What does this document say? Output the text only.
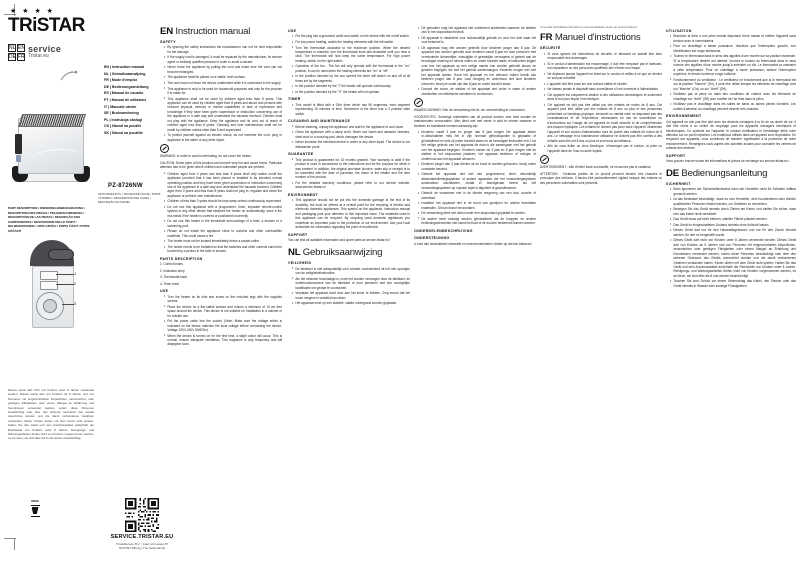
★ ★ ★ ★
TRiSTAR
NL EN
DE FR
service
Tristar.eu
EN | Instruction manual
NL | Gebruiksaanwijzing
FR | Mode d'emploi
DE | Bedienungsanleitung
ES | Manual de usuario
PT | Manual de utilizador
IT | Manuale utente
SE | Bruksanvisning
PL | Instrukcja obsługi
CS | Návod na použití
SK | Návod na použitie
PART DESCRIPTION / ONDERDELENBESCHRIJVING / DESCRIPTION DES PIÈCES / TEILEBESCHREIBUNG / DESCRIPCIÓN DE LAS PIEZAS / DESCRIÇÃO DOS COMPONENTES / DESCRIZIONE DELLE PARTI / DELBESKRIVNING / OPIS CZĘŚCI / POPIS ČÁSTÍ / POPIS SÚČASTÍ
1
2
3
PZ-8726NW
OPIS PRODUKTU / TECHNICKÉ ÚDAJE / POPIS VÝROBKU / DESCRIPCIÓN DEL PANEL / DESCRIÇÃO DO PAINEL
Dieses Gerät darf nicht von Kindern unter 8 Jahren verwendet werden. Dieses Gerät darf von Kindern ab 8 Jahren und von Personen mit eingeschränkten körperlichen, sensorischen oder geistigen Fähigkeiten oder einem Mangel an Erfahrung und Kenntnissen verwendet werden, sofern diese Personen beaufsichtigt oder über den sicheren Gebrauch des Geräts unterrichtet wurden und die damit verbundenen Gefahren verstanden haben. Kinder dürfen mit dem Gerät nicht spielen. Halten Sie das Gerät und sein Anschlusskabel außerhalb der Reichweite von Kindern unter 8 Jahren. Reinigungs- und Wartungsarbeiten dürfen nicht von Kindern vorgenommen werden, es sei denn, sie sind älter als 8 und werden beaufsichtigt.
EN Instruction manual
SAFETY
• By ignoring the safety instructions the manufacturer can not be hold responsible for the damage.
• If the supply cord is damaged, it must be replaced by the manufacturer, its service agent or similarly qualified persons in order to avoid a hazard.
• Never move the appliance by pulling the cord and make sure the cord can not become entangled.
• The appliance must be placed on a stable, level surface.
• The user must not leave the device unattended while it is connected to the supply.
• This appliance is only to be used for household purposes and only for the purpose it is made for.
• This appliance shall not be used by children aged less than 8 years. This appliance can be used by children aged from 8 years and above and persons with reduced physical, sensory or mental capabilities or lack of experience and knowledge if they have been given supervision or instruction concerning use of the appliance in a safe way and understand the hazards involved. Children shall not play with the appliance. Keep the appliance and its cord out of reach of children aged less than 8 years. Cleaning and user maintenance shall not be made by children unless older than 8 and supervised.
• To protect yourself against an electric shock, do not immerse the cord, plug or appliance in the water or any other liquid.

WARNING: In order to avoid overheating, do not cover the heater.

CAUTION: Some parts of this product can become very hot and cause burns. Particular attention has to be given where children and vulnerable people are present.

• Children aged from 3 years and less than 8 years shall only switch on/off the appliance provided that it has been placed or installed in its intended normal operating position and they have been given supervision or instruction concerning use of the appliance in a safe way and understand the hazards involved. Children aged from 3 years and less than 8 years shall not plug in, regulate and clean the appliance or perform user maintenance.
• Children of less than 3 years should be kept away unless continuously supervised.
• Do not use this appliance with a programmer, timer, separate remote-control system or any other device that switches the heater on automatically, since a fire risk exists if the heater is covered or positioned incorrectly.
• Do not use this heater in the immediate surroundings of a bath, a shower or a swimming pool.
• Please do not install the appliance close to curtains and other combustible materials. This could cause a fire.
• The heater must not be located immediately below a socket-outlet.
• The heater needs to be installed so that the switches and other controls cannot be touched by a person in the bath or shower.
PARTS DESCRIPTION

1. Control knobs

2. Indication lamp

3. Thermostat knob

4. Timer knob

USE
• Turn the heater on its side and screw on the included legs with the supplied screws.
• Place the device on a flat stable surface and ensure a minimum of 10 cm free space around the device. This device is not suitable for installation in a cabinet or for outside use.
• Put the power cable into the socket. (Note: Make sure the voltage which is indicated on the device matches the local voltage before connecting the device. Voltage 220V-240V 50/60Hz)
• When the device is turned on for the first time, a slight odour will occur. This is normal, ensure adequate ventilation. This fragrance is only temporary and will disappear soon.
USE
• Put the plug into a grounded outlet and switch on the device with the on/off switch.
• For low power heating, switch the heating elements with the left switch.
• Turn the thermostat clockwise to the maximum position. When the desired temperature is reached, turn the thermostat knob anti-clockwise until you hear a click. The thermostat will now keep the same temperature. For high power heating, switch on the right switch.
• Operation of the fan - The fan will only operate with the thermostat in the "on" position, it can be used when the heating elements are "on" or "off".
• In the position denoted by the sun symbol the timer will switch on and off at all times set by the segments.
• In the position denoted by the "I" the heater will operate continuously.
• In the position denoted by the "O" the heater will not operate.
TIMER
• This model is fitted with a 24hr timer which has 96 segments, each segment representing 15 minutes of time. Movement of the timer has a 3 position slide switch.
CLEANING AND MAINTENANCE
• Before cleaning, unplug the appliance and wait for the appliance to cool down.
• Clean the appliance with a damp cloth. Never use harsh and abrasive cleaners, steel wool or a scouring pad, which damages the device.
• Never immerse the electrical device in water or any other liquid. The device is not dishwasher proof.
GUARANTEE
• This product is guaranteed for 24 months granted. Your warranty is valid if the product is used in accordance to the instructions and for the purpose for which it was created. In addition, the original purchase (invoice, sales slip or receipt) is to be submitted with the date of purchase, the name of the retailer and the item number of the product.
• For the detailed warranty conditions, please refer to our service website: www.service.tristar.eu
ENVIRONMENT
• This appliance should not be put into the domestic garbage at the end of its durability, but must be offered at a central point for the recycling of electric and electronic domestic appliances. This symbol on the appliance, instruction manual and packaging puts your attention to this important issue. The materials used in this appliance can be recycled. By recycling used domestic appliances you contribute an important push to the protection of our environment. Ask your local authorities for information regarding the point of recollection.
SUPPORT

You can find all available information and spare parts at service.tristar.eu!

NL Gebruiksaanwijzing
VEILIGHEID
• De fabrikant is niet aansprakelijk voor schade voortvloeiend uit het niet opvolgen van de veiligheidsinstructies.
• Als het netsnoer beschadigd is, moet het worden vervangen door de fabrikant, de onderhoudsmonteur van de fabrikant of door personen met een soortgelijke kwalificatie om gevaar te voorkomen.
• Verplaats het apparaat nooit door aan het snoer te trekken. Zorg ervoor dat het snoer nergens in verstrikt kan raken.
• Het apparaat moet op een stabiele, vlakke ondergrond worden geplaatst.
• De gebruiker mag het apparaat niet onbeheerd achterlaten wanneer de stekker zich in het stopcontact bevindt.
• Dit apparaat is uitsluitend voor huishoudelijk gebruik en voor het doel waar het voor bestemd is.
• Dit apparaat mag niet worden gebruikt door kinderen jonger dan 8 jaar. Dit apparaat kan worden gebruikt door kinderen vanaf 8 jaar en door personen met verminderde lichamelijke, zintuiglijke of geestelijke vermogens of gebrek aan de benodigde ervaring en kennis indien ze onder toezicht staan of instructies krijgen over hoe het apparaat op een veilige manier kan worden gebruikt alsook de gevaren begrijpen die met het gebruik samenhangen. Kinderen mogen niet met het apparaat spelen. Houd het apparaat en het netsnoer buiten bereik van kinderen jonger dan 8 jaar. Laat reiniging en onderhoud niet door kinderen uitvoeren, tenzij ze ouder zijn dan 8 jaar en onder toezicht staan.
• Dompel het snoer, de stekker of het apparaat niet onder in water of andere vloeistoffen om elektrische schokken te voorkomen.

WAARSCHUWING: Dek de verwarming niet af, om oververhitting te voorkomen.

VOORZICHTIG: Sommige onderdelen van dit product kunnen zeer heet worden en brandwonden veroorzaken. Men dient met met name in acht te nemen wanneer er kinderen en kwetsbare mensen aanwezig zijn.

• Kinderen vanaf 3 jaar en jonger dan 8 jaar mogen het apparaat alleen in-/uitschakelen mits het in zijn normale gebruikspositie is geplaatst of geïnstalleerd en mits zij onder toezicht staan en de benodigde instructies m.b.t. tot het veilige gebruik van het apparaat de risico's die samengaan met het gebruik van het apparaat begrijpen. Kinderen tussen de 3 jaar en 8 jaar mogen niet de stekker in het stopcontact plaatsen, het apparaat bedienen of reinigen of onderhoud aan het apparaat uitvoeren.
• Kinderen jonger dan 3 jaar dienen uit de buurt te worden gehouden, tenzij onder constante toezicht.
• Gebruik het apparaat niet met een programmeur, timer, afzonderlijk afstandsbedieningssysteem of andere apparaten die het verwarmingssysteem automatisch inschakelen, omdat er brandgevaar heerst als het verwarmingssysteem op onjuiste wijze is afgedekt of gepositioneerd.
• Gebruik de verwarmer niet in de directe omgeving van een bad, douche of zwembad.
• Installeer het apparaat niet in de buurt van gordijnen en andere brandbare materialen. Dit kan brand veroorzaken.
• De verwarming dient niet direct onder een stopcontact geplaatst te worden.
• De kachel moet zodanig worden geïnstalleerd dat de knoppen en andere bedieningselementen niet vanuit het bad of de douche bedienend kunnen worden.
ONDERDELENBESCHRIJVING
ONDERSTEUNING

U kunt alle beschikbare informatie en reserveonderdelen vinden op service.tristar.eu!

U kunt alle beschikbare informatie en reserveonderdelen vinden op service.tristar.eu!

FR Manuel d'instructions
SÉCURITÉ
• Si vous ignorez les instructions de sécurité, le fabricant ne saurait être tenu responsable des dommages.
• Si le cordon d'alimentation est endommagé, il doit être remplacé par le fabricant, son réparateur ou des personnes qualifiées afin d'éviter tout risque.
• Ne déplacez jamais l'appareil en tirant sur le cordon et veillez à ce que ce dernier ne soit pas entortillé.
• L'appareil doit être posé sur une surface stable et nivelée.
• Ne laissez jamais le dispositif sans surveillance s'il est connecté à l'alimentation.
• Cet appareil est uniquement destiné à des utilisations domestiques et seulement dans le but pour lequel il est fabriqué.
• Cet appareil ne doit pas être utilisé par des enfants de moins de 8 ans. Cet appareil peut être utilisé par des enfants de 8 ans ou plus et des personnes présentant un handicap physique, sensoriel ou mental voire ne disposant pas des connaissances et de l'expérience nécessaires en cas de surveillance ou d'instructions sur l'usage de cet appareil en toute sécurité et de compréhension des risques impliqués. Les enfants ne doivent pas jouer avec l'appareil. Maintenez l'appareil et son cordon d'alimentation hors de portée des enfants de moins de 8 ans. Le nettoyage et la maintenance utilisateur ne doivent pas être confiés à des enfants sauf s'ils ont 8 ans ou plus et sont sous surveillance.
• Afin de vous éviter un choc électrique, n'immergez pas le cordon, la prise ou l'appareil dans de l'eau ou autre liquide.

AVERTISSEMENT : Afin d'éviter toute surchauffe, ne recouvrez pas le radiateur.

ATTENTION : Certaines parties de ce produit peuvent devenir très chaudes et provoquer des brûlures. Il faudra être particulièrement vigilant lorsque des enfants ou des personnes vulnérables sont présents.

UTILISATION
• Branchez la fiche à une prise murale disposant d'une masse et mettez l'appareil sous tension avec le commutateur.
• Pour un chauffage à basse puissance, réactivez que l'interrupteur gauche, son identification est rouge lakhsrama.
• Tournez le thermostat dans le sens des aiguilles d'une montre sur sa position maximale. Si la température désirée est atteinte, tournez le bouton du thermostat dans le sens inverse des aiguilles d'une montre jusqu'à entendre un clic. Le thermostat va maintenir à cette température. Pour un chauffage à haute puissance, activez l'interrupteur supérieur, le témoin lumineux rouge s'allume.
• Fonctionnement du ventilateur : Le ventilateur ne fonctionnera que si le thermostat est sur la position "Marche" (On), il peut être utilisé lorsque les éléments de chauffage sont sur "Marche" (On), ou sur "Arrêt" (Off).
• N'utilisez pas la pièce ou dans des conditions de chaleur avec les éléments de chauffage sur "arrêt" (Off) pour souffler de l'air frais dans la pièce.
• N'utilisez pas le chauffage dans les salles de bains ou autres pièces humides. Les sorties d'aération du chauffage peuvent devenir très chaudes.
ENVIRONNEMENT

Cet appareil ne doit pas être jeté avec les déchets ménagers à la fin de sa durée de vie, il doit être remis à un centre de recyclage pour les appareils ménagers électriques et électroniques. Ce symbole sur l'appareil, le manuel d'utilisation et l'emballage attire votre attention sur un point important. Les matériaux utilisés dans cet appareil sont recyclables. En recyclant vos appareils, vous contribuez de manière significative à la protection de notre environnement. Renseignez-vous auprès des autorités locales pour connaître les centres de collecte des déchets.

SUPPORT

Vous pouvez trouver toutes les informations et pièces de rechange sur service.tristar.eu !

DE Bedienungsanleitung
SICHERHEIT
• Beim Ignorieren der Sicherheitshinweise kann der Hersteller nicht für Schäden haftbar gemacht werden.
• Ist das Netzkabel beschädigt, muss es vom Hersteller, dem Kundendienst oder ähnlich qualifizierten Personen ersetzt werden, um Gefahren zu vermeiden.
• Bewegen Sie das Gerät niemals durch Ziehen am Kabel, und stellen Sie sicher, dass sich das Kabel nicht verwickelt.
• Das Gerät muss auf einer ebenen, stabilen Fläche platziert werden.
• Das Gerät im eingeschalteten Zustand niemals ohne Aufsicht lassen.
• Dieses Gerät darf nur für den Haushaltsgebrauch und nur für den Zweck benutzt werden, für den es hergestellt wurde.
• Dieses Gerät darf nicht von Kindern unter 8 Jahren verwendet werden. Dieses Gerät darf von Kindern ab 8 Jahren und von Personen mit eingeschränkten körperlichen, sensorischen oder geistigen Fähigkeiten oder einem Mangel an Erfahrung und Kenntnissen verwendet werden, sofern diese Personen beaufsichtigt oder über den sicheren Gebrauch des Geräts unterrichtet wurden und die damit verbundenen Gefahren verstanden haben. Kinder dürfen mit dem Gerät nicht spielen. Halten Sie das Gerät und sein Anschlusskabel außerhalb der Reichweite von Kindern unter 8 Jahren. Reinigungs- und Wartungsarbeiten dürfen nicht von Kindern vorgenommen werden, es sei denn, sie sind älter als 8 und werden beaufsichtigt.
• Tauchen Sie zum Schutz vor einem Stromschlag das Kabel, den Stecker oder das Gerät niemals in Wasser oder sonstige Flüssigkeiten.
WEEE
SERVICE.TRISTAR.EU
TristarEurope B.V. | Jules Verneweg 87
5015 BH Tilburg | The Netherlands
